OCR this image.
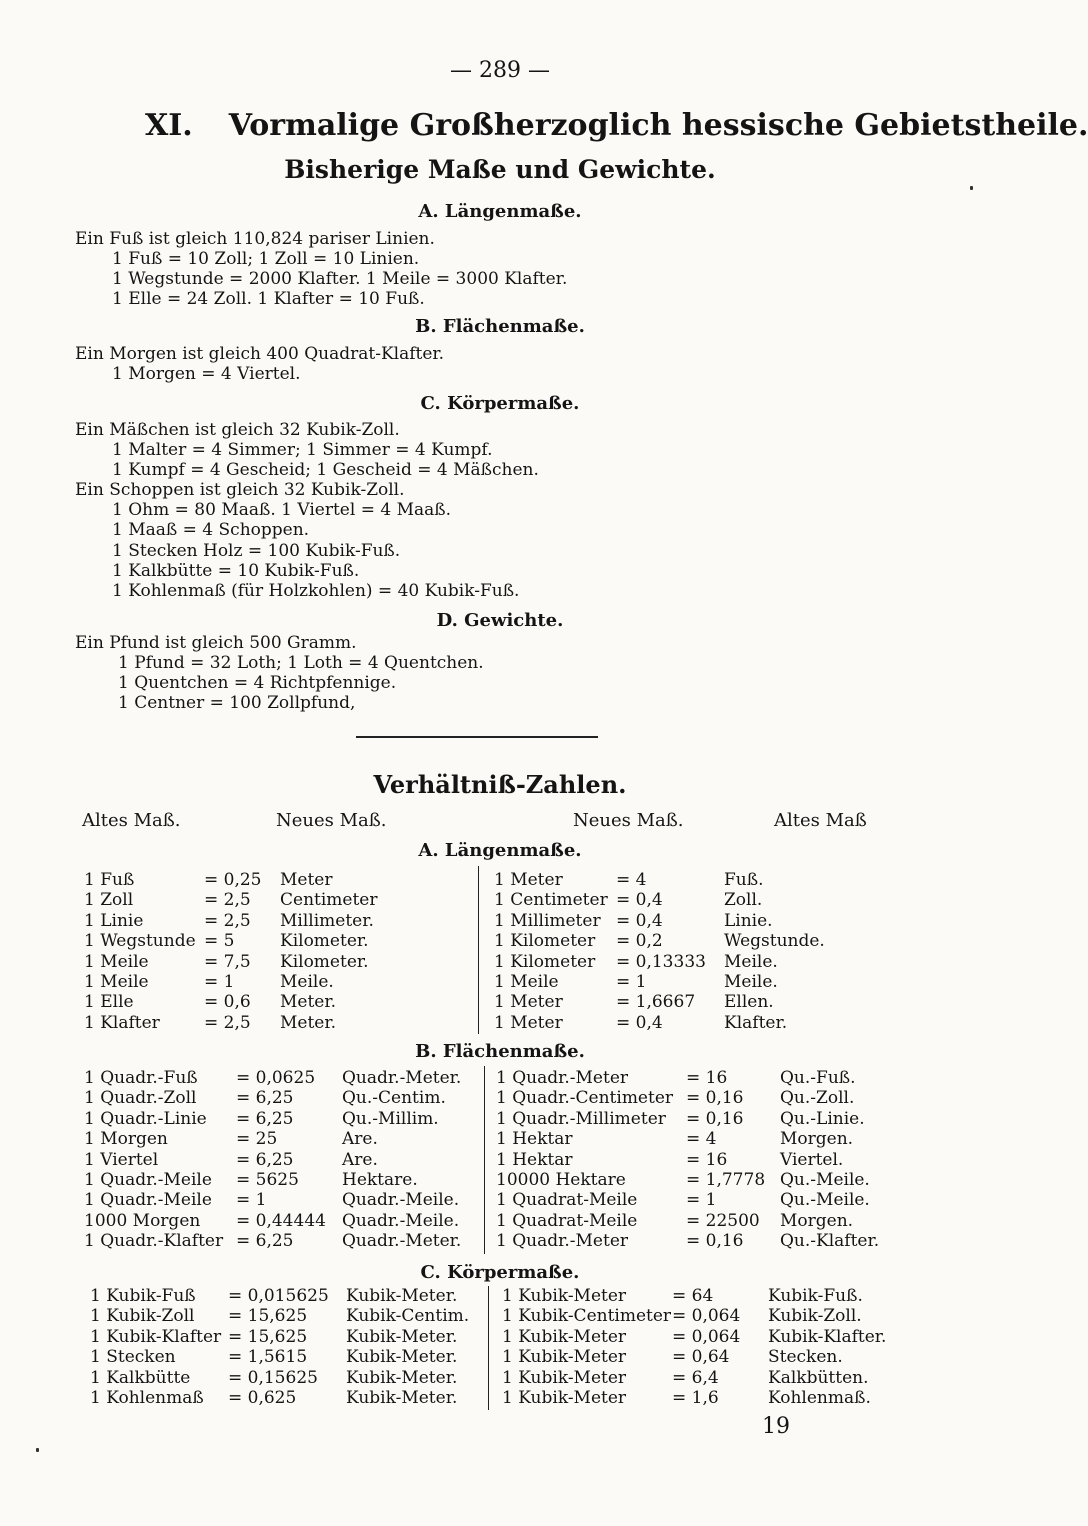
— 289 —
XI. Vormalige Großherzoglich hessische Gebietstheile.
Bisherige Maße und Gewichte.
A. Längenmaße.
Ein Fuß ist gleich 110,824 pariser Linien.
1 Fuß = 10 Zoll; 1 Zoll = 10 Linien.
1 Wegstunde = 2000 Klafter. 1 Meile = 3000 Klafter.
1 Elle = 24 Zoll. 1 Klafter = 10 Fuß.
B. Flächenmaße.
Ein Morgen ist gleich 400 Quadrat-Klafter.
1 Morgen = 4 Viertel.
C. Körpermaße.
Ein Mäßchen ist gleich 32 Kubik-Zoll.
1 Malter = 4 Simmer; 1 Simmer = 4 Kumpf.
1 Kumpf = 4 Gescheid; 1 Gescheid = 4 Mäßchen.
Ein Schoppen ist gleich 32 Kubik-Zoll.
1 Ohm = 80 Maaß. 1 Viertel = 4 Maaß.
1 Maaß = 4 Schoppen.
1 Stecken Holz = 100 Kubik-Fuß.
1 Kalkbütte = 10 Kubik-Fuß.
1 Kohlenmaß (für Holzkohlen) = 40 Kubik-Fuß.
D. Gewichte.
Ein Pfund ist gleich 500 Gramm.
1 Pfund = 32 Loth; 1 Loth = 4 Quentchen.
1 Quentchen = 4 Richtpfennige.
1 Centner = 100 Zollpfund,
Verhältniß-Zahlen.
Altes Maß.	Neues Maß.	Neues Maß.	Altes Maß
A. Längenmaße.
1 Fuß	= 0,25	Meter
1 Zoll	= 2,5	Centimeter
1 Linie	= 2,5	Millimeter.
1 Wegstunde	= 5	Kilometer.
1 Meile	= 7,5	Kilometer.
1 Meile	= 1	Meile.
1 Elle	= 0,6	Meter.
1 Klafter	= 2,5	Meter.
1 Meter	= 4	Fuß.
1 Centimeter	= 0,4	Zoll.
1 Millimeter	= 0,4	Linie.
1 Kilometer	= 0,2	Wegstunde.
1 Kilometer	= 0,13333	Meile.
1 Meile	= 1	Meile.
1 Meter	= 1,6667	Ellen.
1 Meter	= 0,4	Klafter.
B. Flächenmaße.
1 Quadr.-Fuß	= 0,0625	Quadr.-Meter.
1 Quadr.-Zoll	= 6,25	Qu.-Centim.
1 Quadr.-Linie	= 6,25	Qu.-Millim.
1 Morgen	= 25	Are.
1 Viertel	= 6,25	Are.
1 Quadr.-Meile	= 5625	Hektare.
1 Quadr.-Meile	= 1	Quadr.-Meile.
1000 Morgen	= 0,44444	Quadr.-Meile.
1 Quadr.-Klafter	= 6,25	Quadr.-Meter.
1 Quadr.-Meter	= 16	Qu.-Fuß.
1 Quadr.-Centimeter	= 0,16	Qu.-Zoll.
1 Quadr.-Millimeter	= 0,16	Qu.-Linie.
1 Hektar	= 4	Morgen.
1 Hektar	= 16	Viertel.
10000 Hektare	= 1,7778	Qu.-Meile.
1 Quadrat-Meile	= 1	Qu.-Meile.
1 Quadrat-Meile	= 22500	Morgen.
1 Quadr.-Meter	= 0,16	Qu.-Klafter.
C. Körpermaße.
1 Kubik-Fuß	= 0,015625	Kubik-Meter.
1 Kubik-Zoll	= 15,625	Kubik-Centim.
1 Kubik-Klafter	= 15,625	Kubik-Meter.
1 Stecken	= 1,5615	Kubik-Meter.
1 Kalkbütte	= 0,15625	Kubik-Meter.
1 Kohlenmaß	= 0,625	Kubik-Meter.
1 Kubik-Meter	= 64	Kubik-Fuß.
1 Kubik-Centimeter	= 0,064	Kubik-Zoll.
1 Kubik-Meter	= 0,064	Kubik-Klafter.
1 Kubik-Meter	= 0,64	Stecken.
1 Kubik-Meter	= 6,4	Kalkbütten.
1 Kubik-Meter	= 1,6	Kohlenmaß.
19
